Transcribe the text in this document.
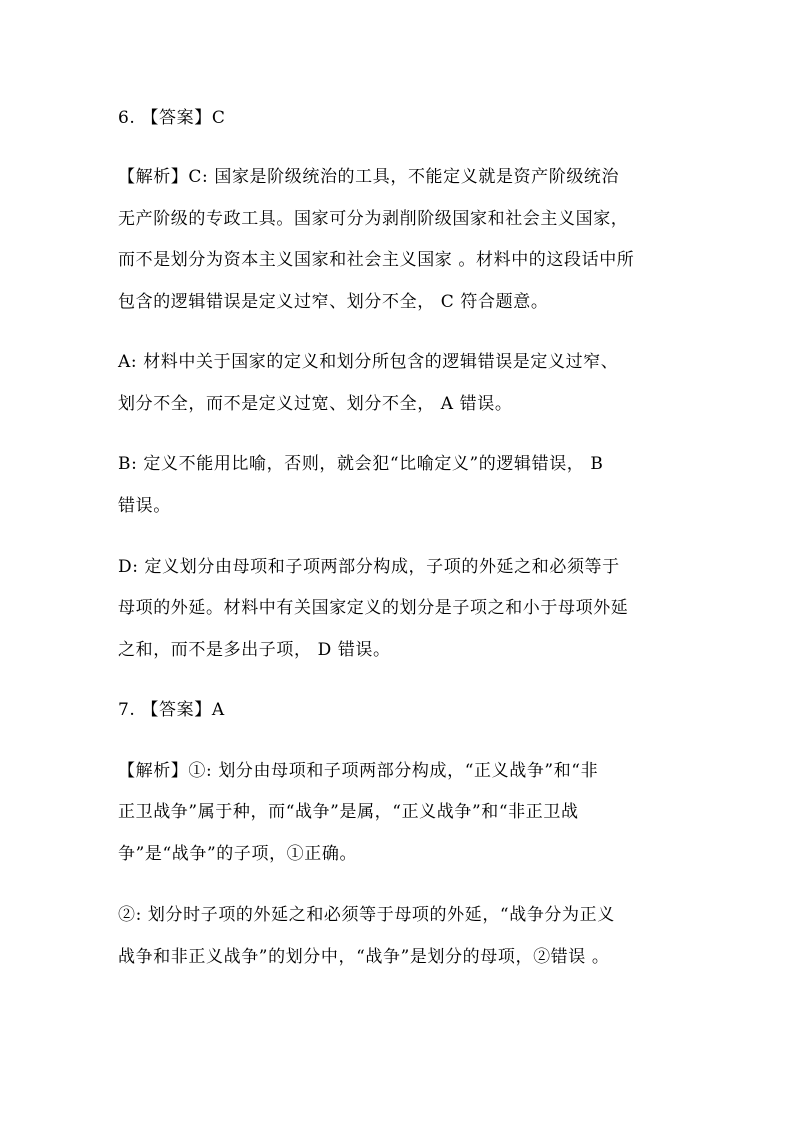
6. 【答案】C
【解析】C: 国家是阶级统治的工具，不能定义就是资产阶级统治
无产阶级的专政工具。国家可分为剥削阶级国家和社会主义国家，
而不是划分为资本主义国家和社会主义国家 。材料中的这段话中所
包含的逻辑错误是定义过窄、划分不全， C 符合题意。
A: 材料中关于国家的定义和划分所包含的逻辑错误是定义过窄、
划分不全，而不是定义过宽、划分不全， A 错误。
B: 定义不能用比喻，否则，就会犯“比喻定义”的逻辑错误， B
错误。
D: 定义划分由母项和子项两部分构成，子项的外延之和必须等于
母项的外延。材料中有关国家定义的划分是子项之和小于母项外延
之和，而不是多出子项， D 错误。
7. 【答案】A
【解析】①: 划分由母项和子项两部分构成，“正义战争”和“非
正卫战争”属于种，而“战争”是属，“正义战争”和“非正卫战
争”是“战争”的子项，①正确。
②: 划分时子项的外延之和必须等于母项的外延，“战争分为正义
战争和非正义战争”的划分中，“战争”是划分的母项，②错误 。
